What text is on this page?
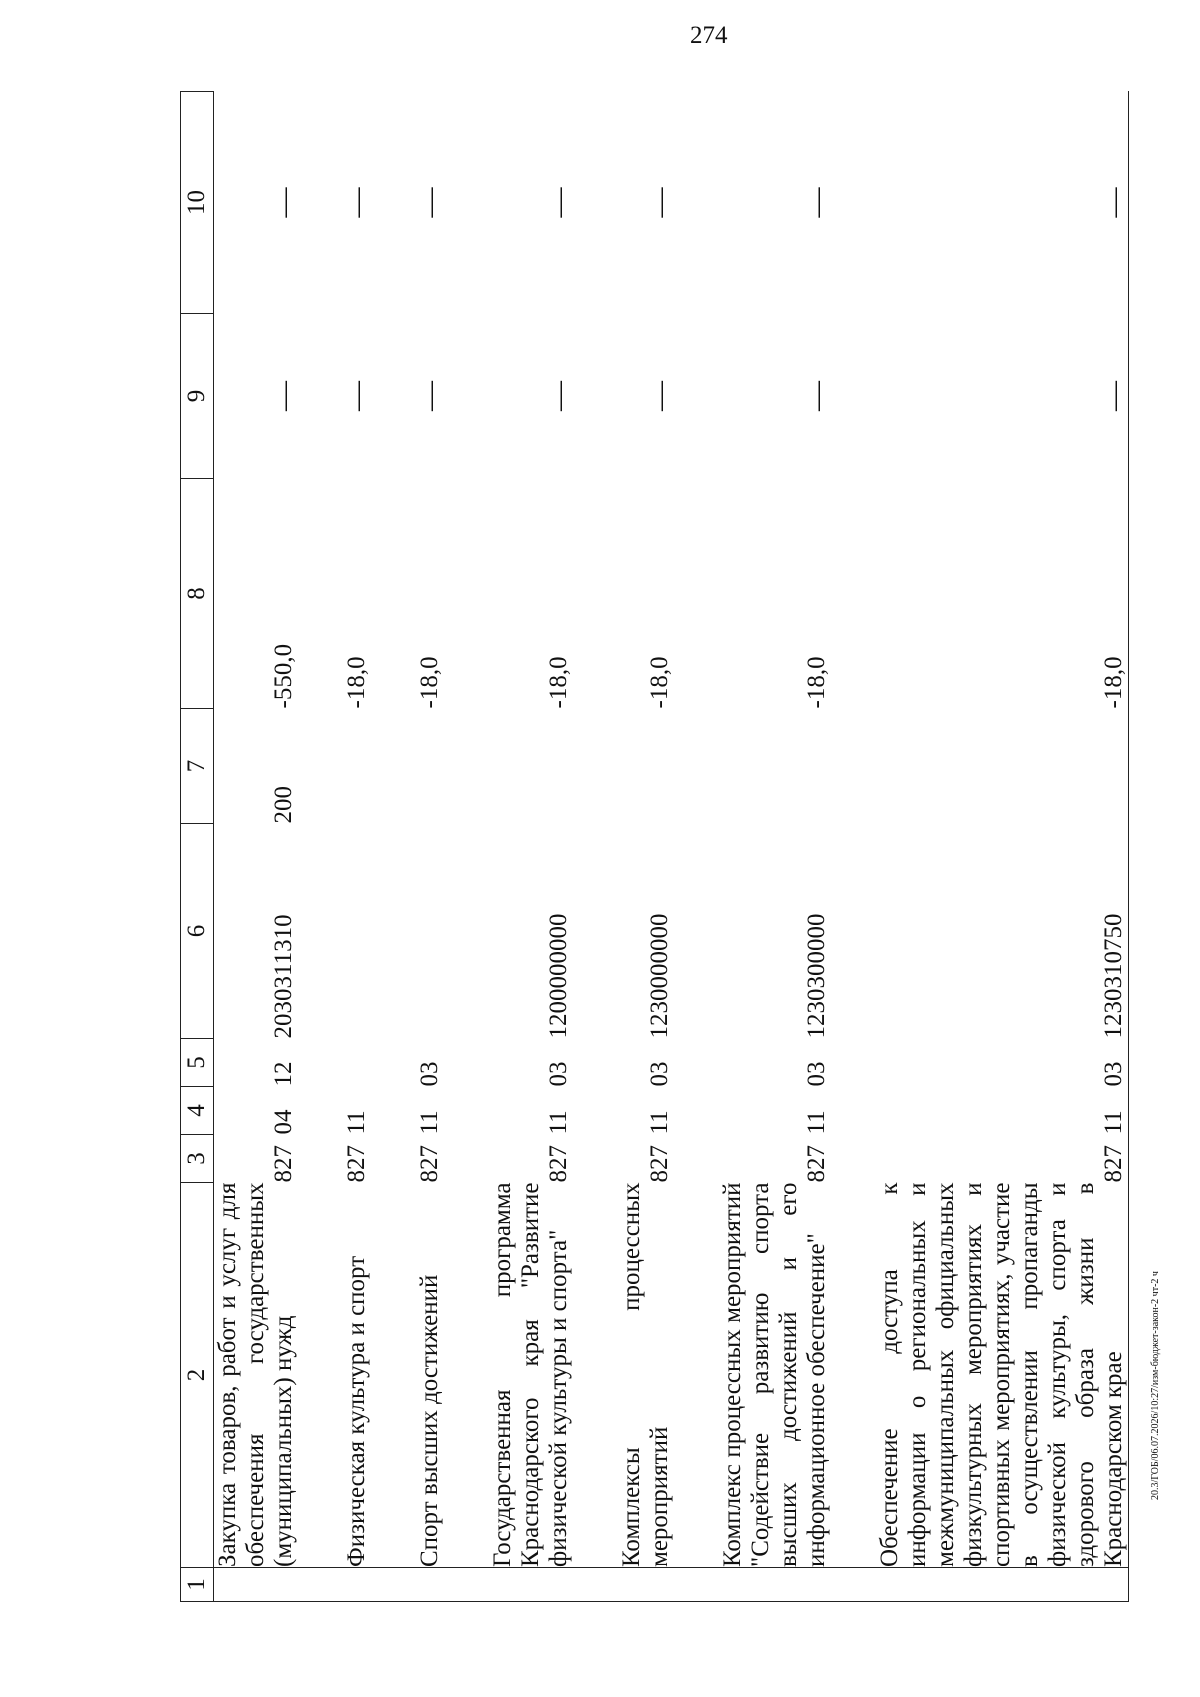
274
1	2	3	4	5	6	7	8	9	10
	Закупка товаров, работ и услуг для обеспечения государственных (муниципальных) нужд	827	04	12	2030311310	200	-550,0	—	—

	Физическая культура и спорт	827	11				-18,0	—	—

	Спорт высших достижений	827	11	03			-18,0	—	—

	Государственная программа Краснодарского края "Развитие физической культуры и спорта"	827	11	03	1200000000		-18,0	—	—

	Комплексы процессных мероприятий	827	11	03	1230000000		-18,0	—	—

	Комплекс процессных мероприятий "Содействие развитию спорта высших достижений и его информационное обеспечение"	827	11	03	1230300000		-18,0	—	—

	Обеспечение доступа к информации о региональных и межмуниципальных официальных физкультурных мероприятиях и спортивных мероприятиях, участие в осуществлении пропаганды физической культуры, спорта и здорового образа жизни в Краснодарском крае	827	11	03	1230310750		-18,0	—	—
20.3/ГОБ/06.07.2026/10:27/изм-бюджет-закон-2 чт-2 ч
